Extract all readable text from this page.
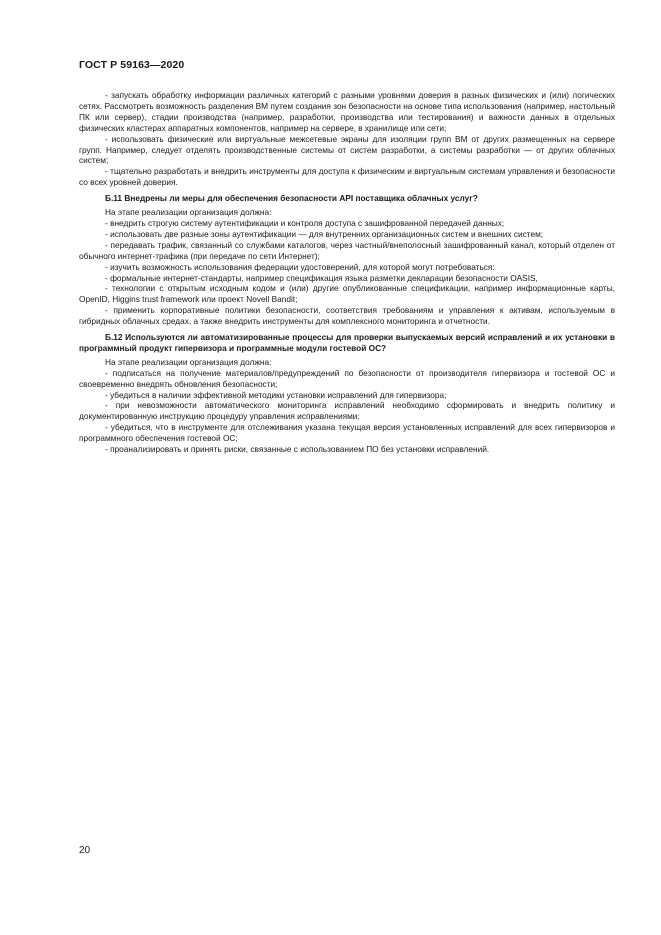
ГОСТ Р 59163—2020

- запускать обработку информации различных категорий с разными уровнями доверия в разных физических и (или) логических сетях. Рассмотреть возможность разделения ВМ путем создания зон безопасности на основе типа использования (например, настольный ПК или сервер), стадии производства (например, разработки, производства или тестирования) и важности данных в отдельных физических кластерах аппаратных компонентов, например на сервере, в хранилище или сети;

- использовать физические или виртуальные межсетевые экраны для изоляции групп ВМ от других размещенных на сервере групп. Например, следует отделять производственные системы от систем разработки, а системы разработки — от других облачных систем;

- тщательно разработать и внедрить инструменты для доступа к физическим и виртуальным системам управления и безопасности со всех уровней доверия.

Б.11 Внедрены ли меры для обеспечения безопасности API поставщика облачных услуг?

На этапе реализации организация должна:

- внедрить строгую систему аутентификации и контроля доступа с зашифрованной передачей данных;

- использовать две разные зоны аутентификации — для внутренних организационных систем и внешних систем;

- передавать трафик, связанный со службами каталогов, через частный/внеполосный зашифрованный канал, который отделен от обычного интернет-трафика (при передаче по сети Интернет);

- изучить возможность использования федерации удостоверений, для которой могут потребоваться:

- формальные интернет-стандарты, например спецификация языка разметки декларации безопасности OASIS,

- технологии с открытым исходным кодом и (или) другие опубликованные спецификации, например информационные карты, OpenID, Higgins trust framework или проект Novell Bandit;

- применить корпоративные политики безопасности, соответствия требованиям и управления к активам, используемым в гибридных облачных средах, а также внедрить инструменты для комплексного мониторинга и отчетности.

Б.12 Используются ли автоматизированные процессы для проверки выпускаемых версий исправлений и их установки в программный продукт гипервизора и программные модули гостевой ОС?

На этапе реализации организация должна:

- подписаться на получение материалов/предупреждений по безопасности от производителя гипервизора и гостевой ОС и своевременно внедрять обновления безопасности;

- убедиться в наличии эффективной методики установки исправлений для гипервизора;

- при невозможности автоматического мониторинга исправлений необходимо сформировать и внедрить политику и документированную инструкцию процедуру управления исправлениями;

- убедиться, что в инструменте для отслеживания указана текущая версия установленных исправлений для всех гипервизоров и программного обеспечения гостевой ОС;

- проанализировать и принять риски, связанные с использованием ПО без установки исправлений.

20
